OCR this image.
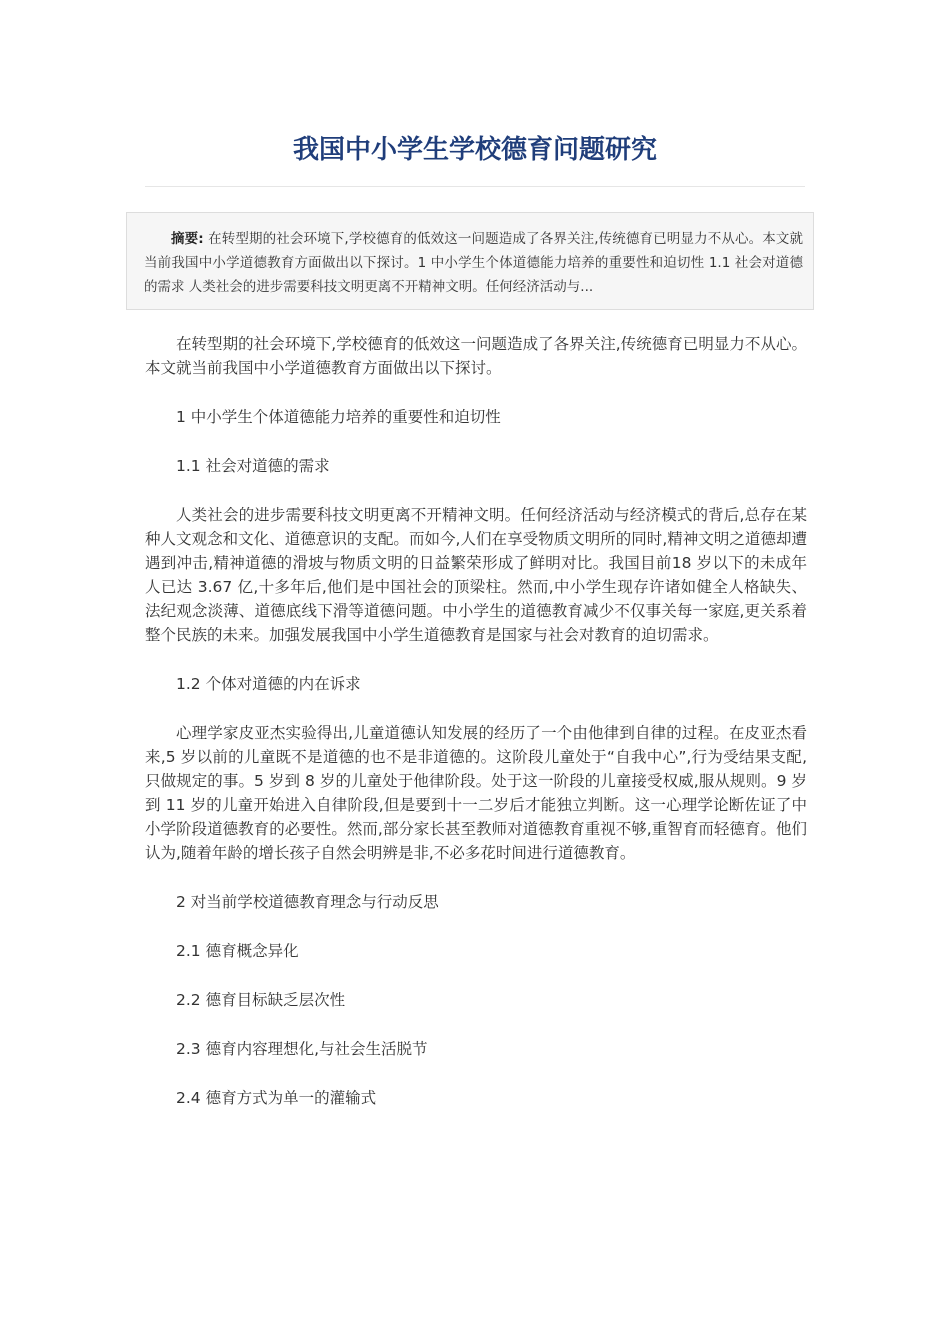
我国中小学生学校德育问题研究
摘要: 在转型期的社会环境下,学校德育的低效这一问题造成了各界关注,传统德育已明显力不从心。本文就当前我国中小学道德教育方面做出以下探讨。1 中小学生个体道德能力培养的重要性和迫切性 1.1 社会对道德的需求 人类社会的进步需要科技文明更离不开精神文明。任何经济活动与...

在转型期的社会环境下,学校德育的低效这一问题造成了各界关注,传统德育已明显力不从心。本文就当前我国中小学道德教育方面做出以下探讨。

1 中小学生个体道德能力培养的重要性和迫切性

1.1 社会对道德的需求

人类社会的进步需要科技文明更离不开精神文明。任何经济活动与经济模式的背后,总存在某种人文观念和文化、道德意识的支配。而如今,人们在享受物质文明所的同时,精神文明之道德却遭遇到冲击,精神道德的滑坡与物质文明的日益繁荣形成了鲜明对比。我国目前18 岁以下的未成年人已达 3.67 亿,十多年后,他们是中国社会的顶梁柱。然而,中小学生现存许诸如健全人格缺失、法纪观念淡薄、道德底线下滑等道德问题。中小学生的道德教育减少不仅事关每一家庭,更关系着整个民族的未来。加强发展我国中小学生道德教育是国家与社会对教育的迫切需求。

1.2 个体对道德的内在诉求

心理学家皮亚杰实验得出,儿童道德认知发展的经历了一个由他律到自律的过程。在皮亚杰看来,5 岁以前的儿童既不是道德的也不是非道德的。这阶段儿童处于“自我中心”,行为受结果支配,只做规定的事。5 岁到 8 岁的儿童处于他律阶段。处于这一阶段的儿童接受权威,服从规则。9 岁到 11 岁的儿童开始进入自律阶段,但是要到十一二岁后才能独立判断。这一心理学论断佐证了中小学阶段道德教育的必要性。然而,部分家长甚至教师对道德教育重视不够,重智育而轻德育。他们认为,随着年龄的增长孩子自然会明辨是非,不必多花时间进行道德教育。

2 对当前学校道德教育理念与行动反思

2.1 德育概念异化

2.2 德育目标缺乏层次性

2.3 德育内容理想化,与社会生活脱节

2.4 德育方式为单一的灌输式
